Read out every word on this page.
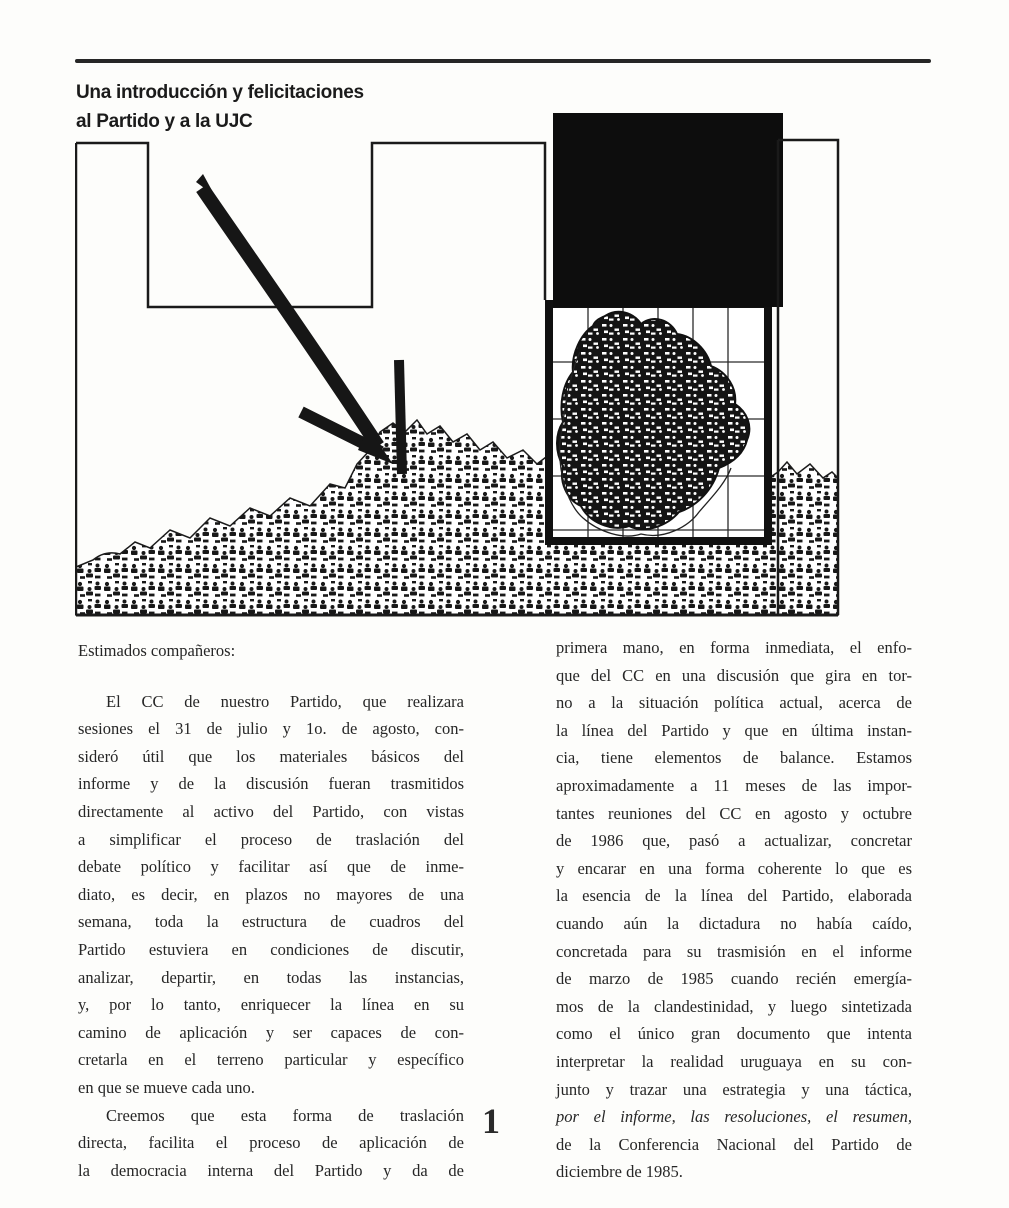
Una introducción y felicitaciones
al Partido y a la UJC
Estimados compañeros:
El CC de nuestro Partido, que realizara
sesiones el 31 de julio y 1o. de agosto, con-
sideró útil que los materiales básicos del
informe y de la discusión fueran trasmitidos
directamente al activo del Partido, con vistas
a simplificar el proceso de traslación del
debate político y facilitar así que de inme-
diato, es decir, en plazos no mayores de una
semana, toda la estructura de cuadros del
Partido estuviera en condiciones de discutir,
analizar, departir, en todas las instancias,
y, por lo tanto, enriquecer la línea en su
camino de aplicación y ser capaces de con-
cretarla en el terreno particular y específico
en que se mueve cada uno.
Creemos que esta forma de traslación
directa, facilita el proceso de aplicación de
la democracia interna del Partido y da de
1
primera mano, en forma inmediata, el enfo-
que del CC en una discusión que gira en tor-
no a la situación política actual, acerca de
la línea del Partido y que en última instan-
cia, tiene elementos de balance. Estamos
aproximadamente a 11 meses de las impor-
tantes reuniones del CC en agosto y octubre
de 1986 que, pasó a actualizar, concretar
y encarar en una forma coherente lo que es
la esencia de la línea del Partido, elaborada
cuando aún la dictadura no había caído,
concretada para su trasmisión en el informe
de marzo de 1985 cuando recién emergía-
mos de la clandestinidad, y luego sintetizada
como el único gran documento que intenta
interpretar la realidad uruguaya en su con-
junto y trazar una estrategia y una táctica,
por el informe, las resoluciones, el resumen,
de la Conferencia Nacional del Partido de
diciembre de 1985.
